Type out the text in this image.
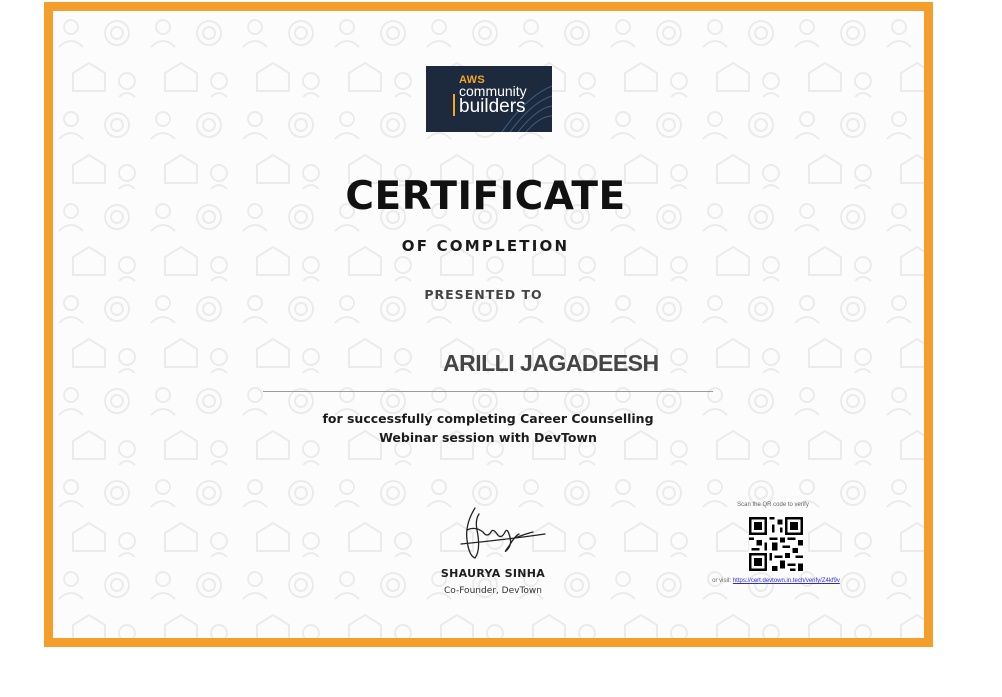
AWS
community
builders
CERTIFICATE
OF COMPLETION
PRESENTED TO
ARILLI JAGADEESH
for successfully completing Career Counselling
Webinar session with DevTown
SHAURYA SINHA
Co-Founder, DevTown
Scan the QR code to verify
or visit: https://cert.devtown.in.tech/verify/Z4kf9v
